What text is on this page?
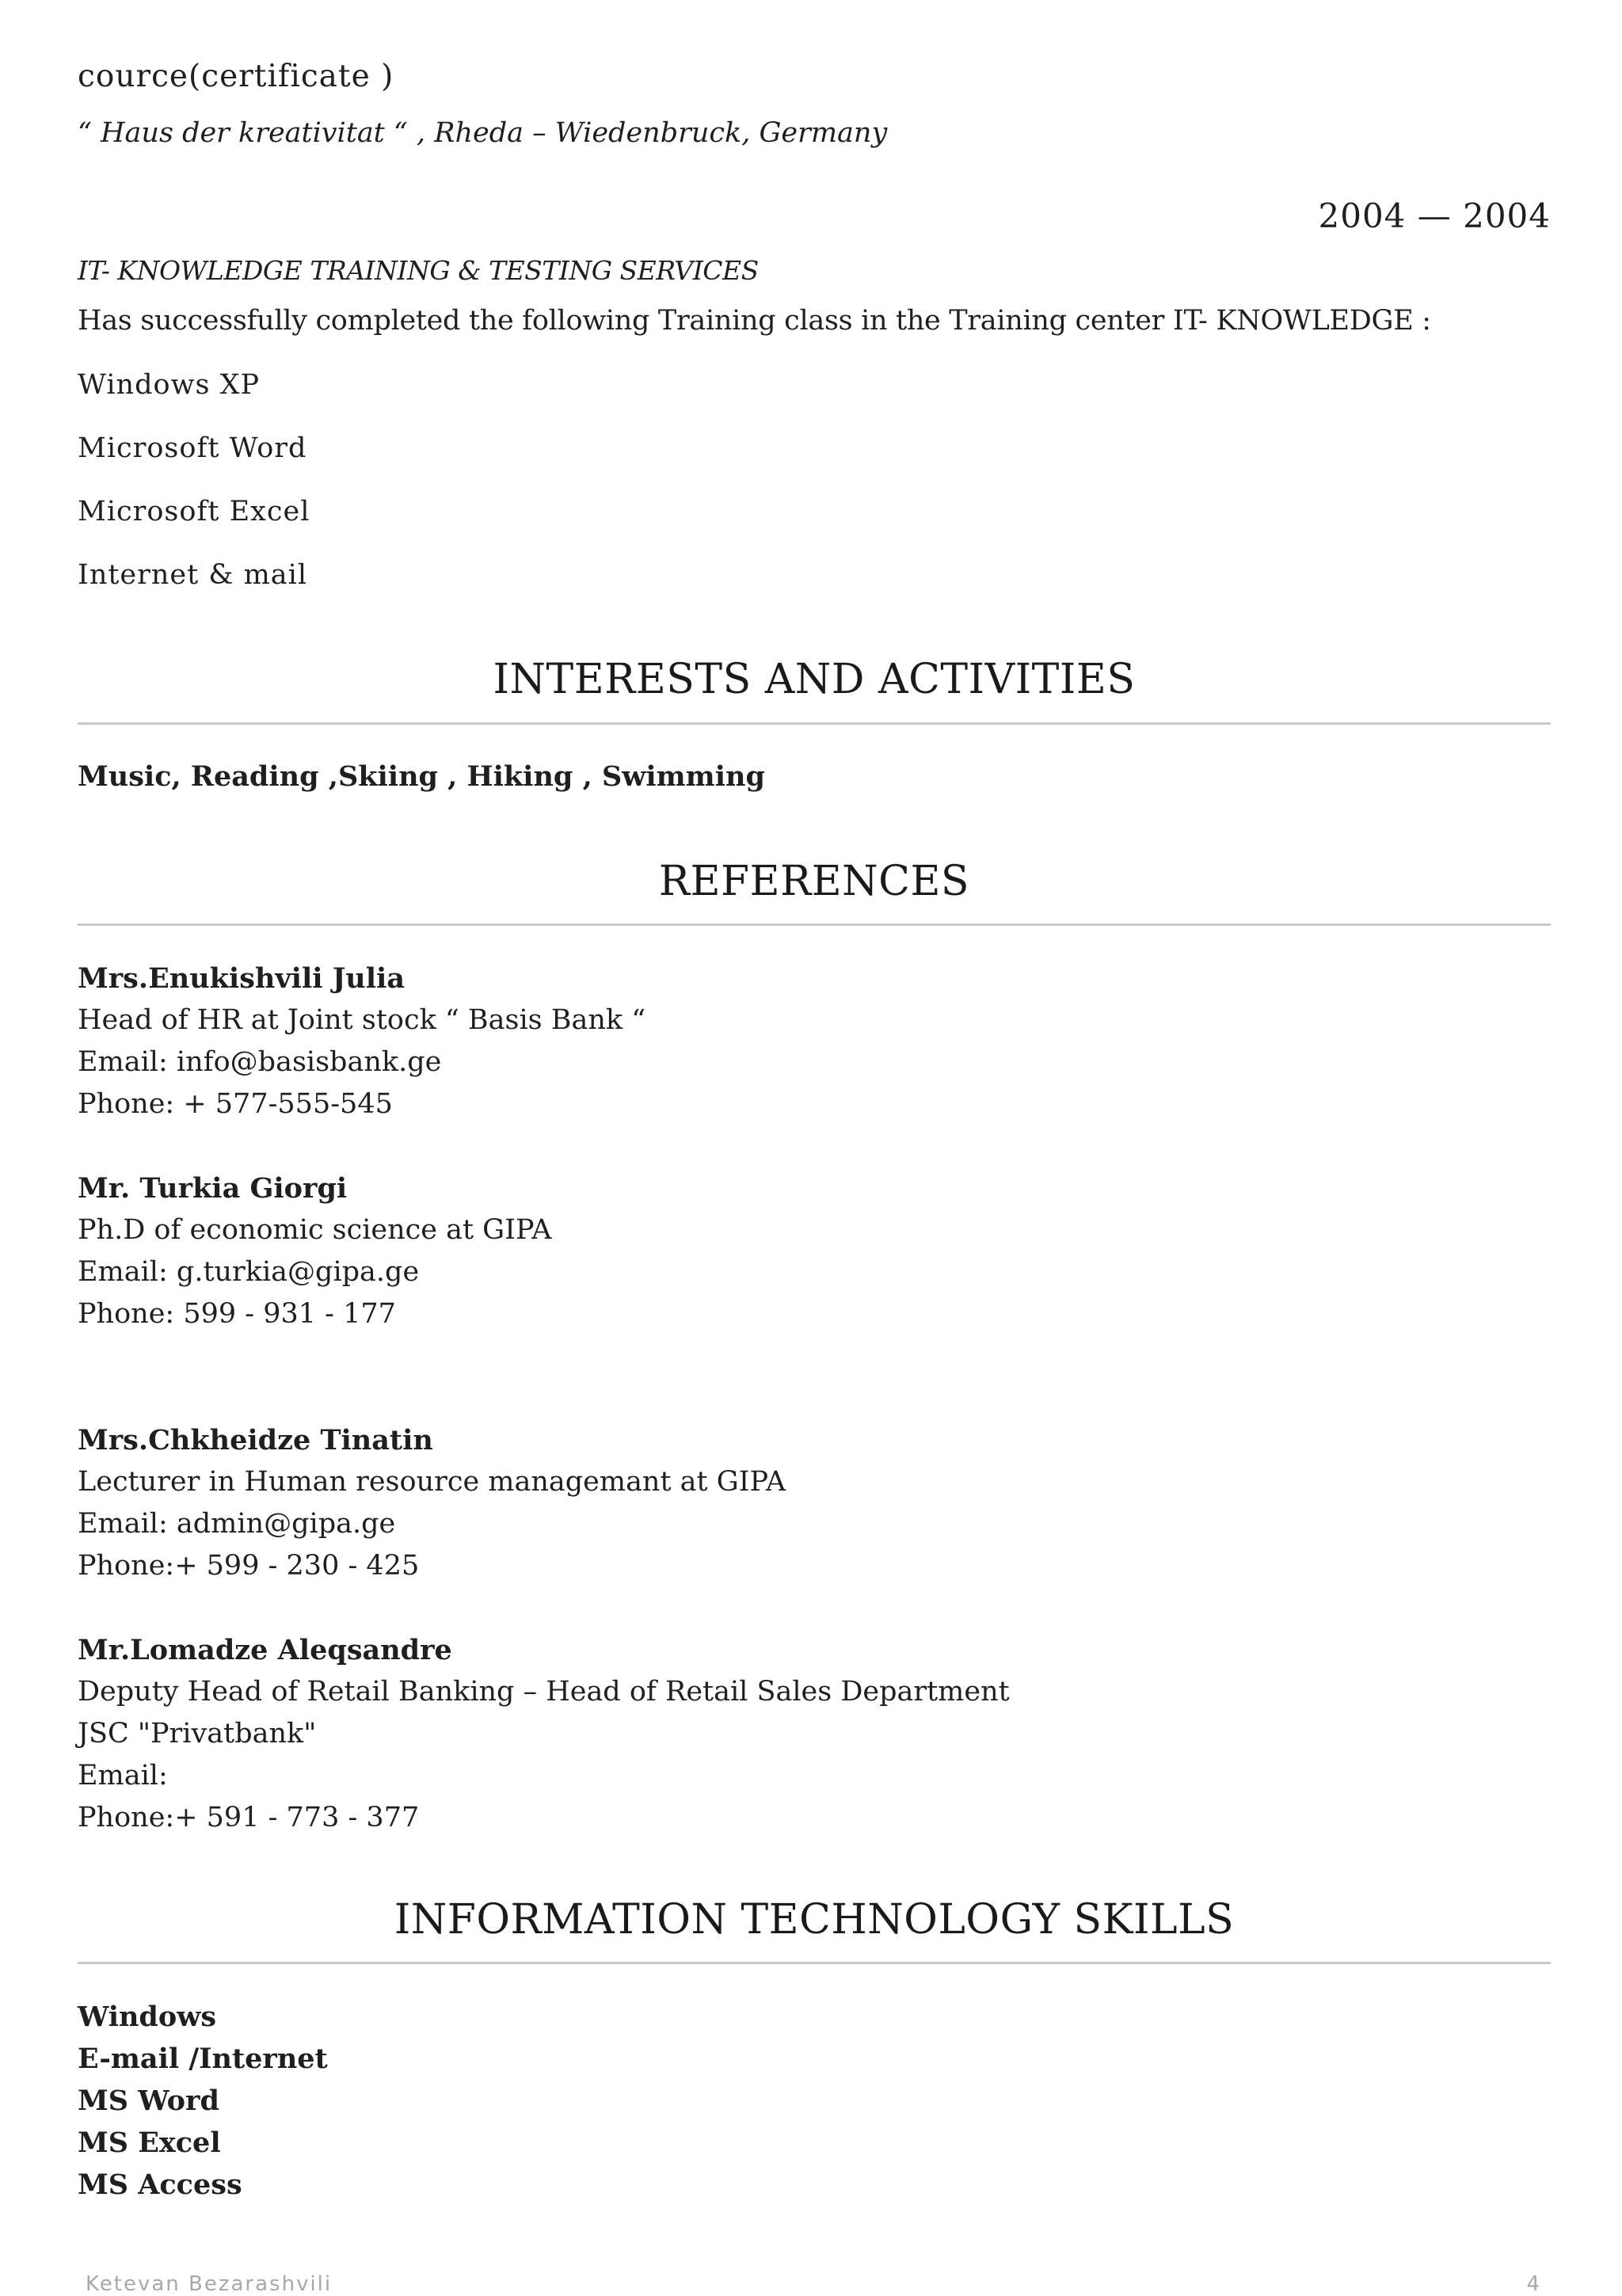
cource(certificate )
“ Haus der kreativitat “ , Rheda – Wiedenbruck, Germany
2004 — 2004
IT- KNOWLEDGE TRAINING & TESTING SERVICES
Has successfully completed the following Training class in the Training center IT- KNOWLEDGE :
Windows XP
Microsoft Word
Microsoft Excel
Internet & mail
INTERESTS AND ACTIVITIES
Music, Reading ,Skiing , Hiking , Swimming
REFERENCES
Mrs.Enukishvili Julia
Head of HR at Joint stock “ Basis Bank “
Email: info@basisbank.ge
Phone: + 577-555-545
Mr. Turkia Giorgi
Ph.D of economic science at GIPA
Email: g.turkia@gipa.ge
Phone: 599 - 931 - 177
Mrs.Chkheidze Tinatin
Lecturer in Human resource managemant at GIPA
Email: admin@gipa.ge
Phone:+ 599 - 230 - 425
Mr.Lomadze Aleqsandre
Deputy Head of Retail Banking – Head of Retail Sales Department
JSC "Privatbank"
Email:
Phone:+ 591 - 773 - 377
INFORMATION TECHNOLOGY SKILLS
Windows
E-mail /Internet
MS Word
MS Excel
MS Access
Ketevan Bezarashvili	4
